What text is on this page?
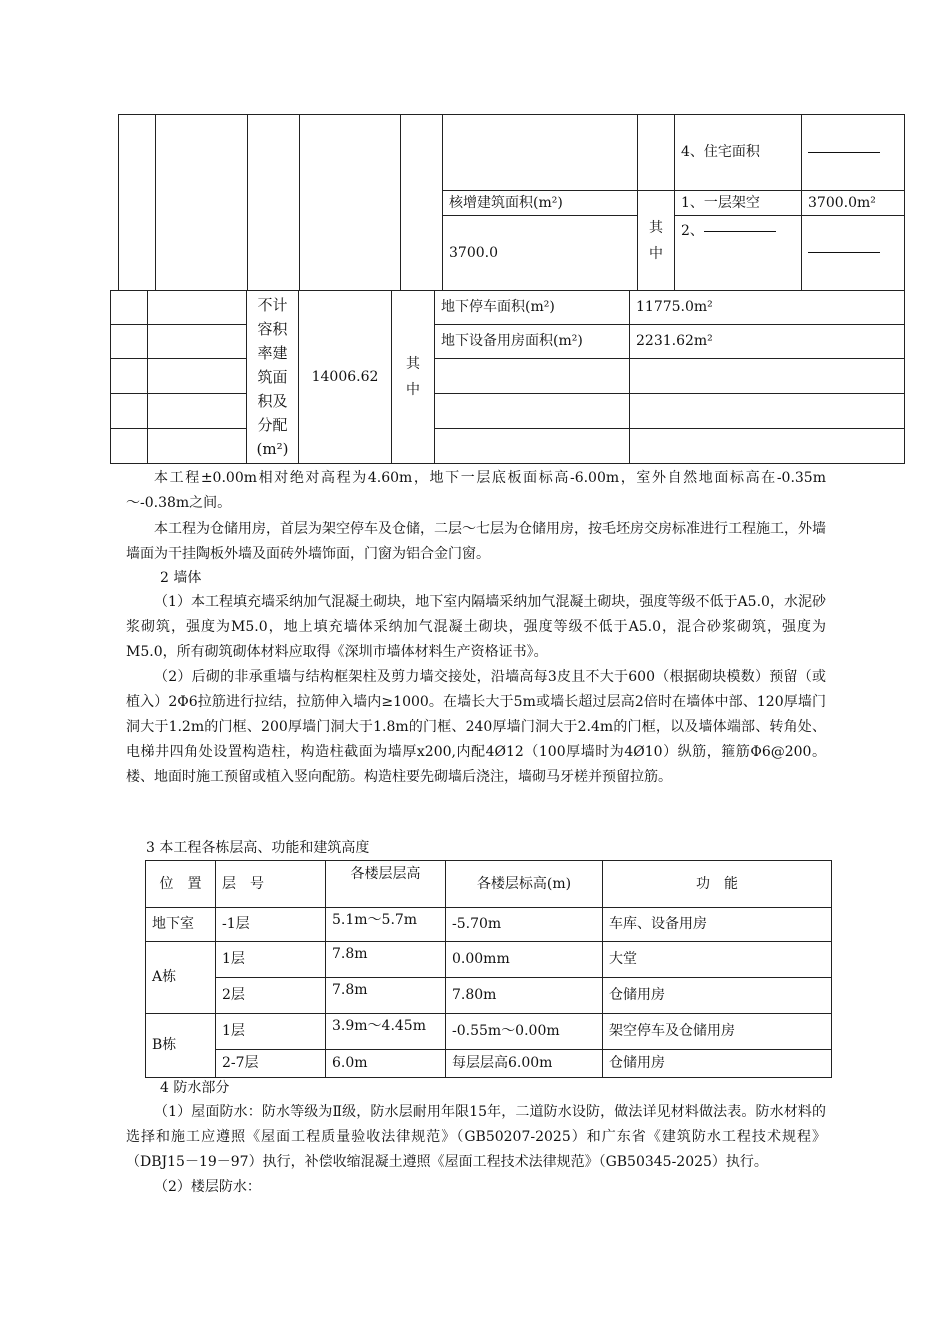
							4、住宅面积	
					核增建筑面积(m²)	其中	1、一层架空	3700.0m²
					3700.0		2、	
		不计容积率建筑面积及分配(m²)	14006.62	其中	地下停车面积(m²)	11775.0m²
					地下设备用房面积(m²)	2231.62m²

本工程±0.00m相对绝对高程为4.60m，地下一层底板面标高-6.00m，室外自然地面标高在-0.35m～-0.38m之间。
本工程为仓储用房，首层为架空停车及仓储，二层～七层为仓储用房，按毛坯房交房标准进行工程施工，外墙墙面为干挂陶板外墙及面砖外墙饰面，门窗为铝合金门窗。
2 墙体
（1）本工程填充墙采纳加气混凝土砌块，地下室内隔墙采纳加气混凝土砌块，强度等级不低于A5.0，水泥砂浆砌筑，强度为M5.0，地上填充墙体采纳加气混凝土砌块，强度等级不低于A5.0，混合砂浆砌筑，强度为M5.0，所有砌筑砌体材料应取得《深圳市墙体材料生产资格证书》。
（2）后砌的非承重墙与结构框架柱及剪力墙交接处，沿墙高每3皮且不大于600（根据砌块模数）预留（或植入）2Φ6拉筋进行拉结，拉筋伸入墙内≥1000。在墙长大于5m或墙长超过层高2倍时在墙体中部、120厚墙门洞大于1.2m的门框、200厚墙门洞大于1.8m的门框、240厚墙门洞大于2.4m的门框，以及墙体端部、转角处、电梯井四角处设置构造柱，构造柱截面为墙厚x200,内配4Ø12（100厚墙时为4Ø10）纵筋，箍筋Φ6@200。楼、地面时施工预留或植入竖向配筋。构造柱要先砌墙后浇注，墙砌马牙槎并预留拉筋。
3 本工程各栋层高、功能和建筑高度
位　置	层　号	各楼层层高	各楼层标高(m)	功　能
地下室	-1层	5.1m～5.7m	-5.70m	车库、设备用房
A栋	1层	7.8m	0.00mm	大堂
	2层	7.8m	7.80m	仓储用房
B栋	1层	3.9m～4.45m	-0.55m～0.00m	架空停车及仓储用房
	2-7层	6.0m	每层层高6.00m	仓储用房
4 防水部分
（1）屋面防水：防水等级为Ⅱ级，防水层耐用年限15年，二道防水设防，做法详见材料做法表。防水材料的选择和施工应遵照《屋面工程质量验收法律规范》（GB50207-2025）和广东省《建筑防水工程技术规程》（DBJ15－19－97）执行，补偿收缩混凝土遵照《屋面工程技术法律规范》（GB50345-2025）执行。
（2）楼层防水：
